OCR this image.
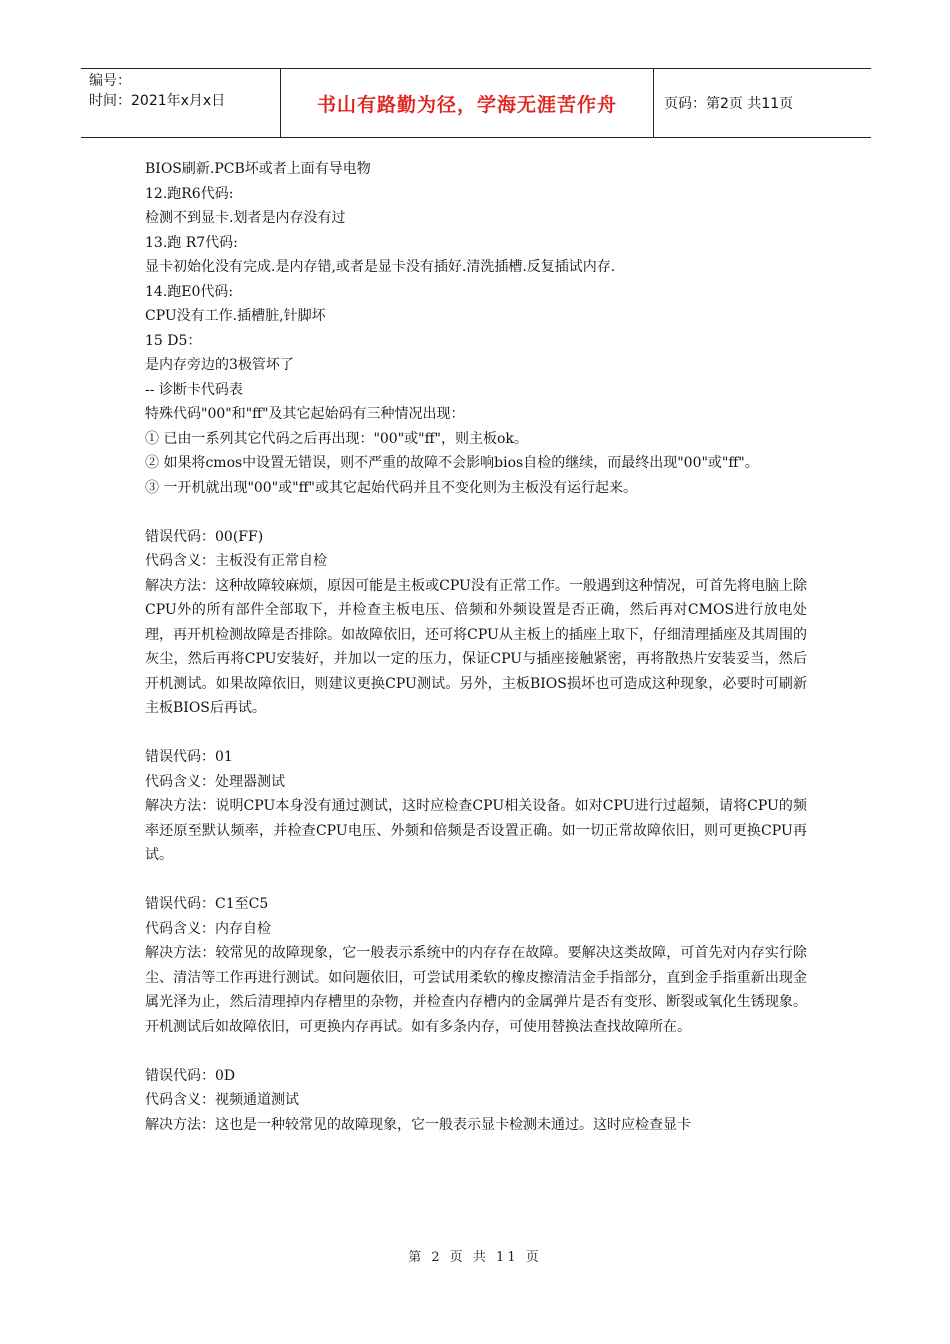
编号：
时间：2021年x月x日	书山有路勤为径，学海无涯苦作舟	页码：第2页 共11页

BIOS刷新.PCB坏或者上面有导电物

12.跑R6代码:

检测不到显卡.划者是内存没有过

13.跑 R7代码:

显卡初始化没有完成.是内存错,或者是显卡没有插好.清洗插槽.反复插试内存.

14.跑E0代码:

CPU没有工作.插槽脏,针脚坏

15 D5：

是内存旁边的3极管坏了

-- 诊断卡代码表

特殊代码"00"和"ff"及其它起始码有三种情况出现：

① 已由一系列其它代码之后再出现："00"或"ff"，则主板ok。

② 如果将cmos中设置无错误，则不严重的故障不会影响bios自检的继续，而最终出现"00"或"ff"。

③ 一开机就出现"00"或"ff"或其它起始代码并且不变化则为主板没有运行起来。

错误代码：00(FF)

代码含义：主板没有正常自检

解决方法：这种故障较麻烦，原因可能是主板或CPU没有正常工作。一般遇到这种情况，可首先将电脑上除CPU外的所有部件全部取下，并检查主板电压、倍频和外频设置是否正确，然后再对CMOS进行放电处理，再开机检测故障是否排除。如故障依旧，还可将CPU从主板上的插座上取下，仔细清理插座及其周围的灰尘，然后再将CPU安装好，并加以一定的压力，保证CPU与插座接触紧密，再将散热片安装妥当，然后开机测试。如果故障依旧，则建议更换CPU测试。另外，主板BIOS损坏也可造成这种现象，必要时可刷新主板BIOS后再试。

错误代码：01

代码含义：处理器测试

解决方法：说明CPU本身没有通过测试，这时应检查CPU相关设备。如对CPU进行过超频，请将CPU的频率还原至默认频率，并检查CPU电压、外频和倍频是否设置正确。如一切正常故障依旧，则可更换CPU再试。

错误代码：C1至C5

代码含义：内存自检

解决方法：较常见的故障现象，它一般表示系统中的内存存在故障。要解决这类故障，可首先对内存实行除尘、清洁等工作再进行测试。如问题依旧，可尝试用柔软的橡皮擦清洁金手指部分，直到金手指重新出现金属光泽为止，然后清理掉内存槽里的杂物，并检查内存槽内的金属弹片是否有变形、断裂或氧化生锈现象。开机测试后如故障依旧，可更换内存再试。如有多条内存，可使用替换法查找故障所在。

错误代码：0D

代码含义：视频通道测试

解决方法：这也是一种较常见的故障现象，它一般表示显卡检测未通过。这时应检查显卡

第 2 页 共 11 页
